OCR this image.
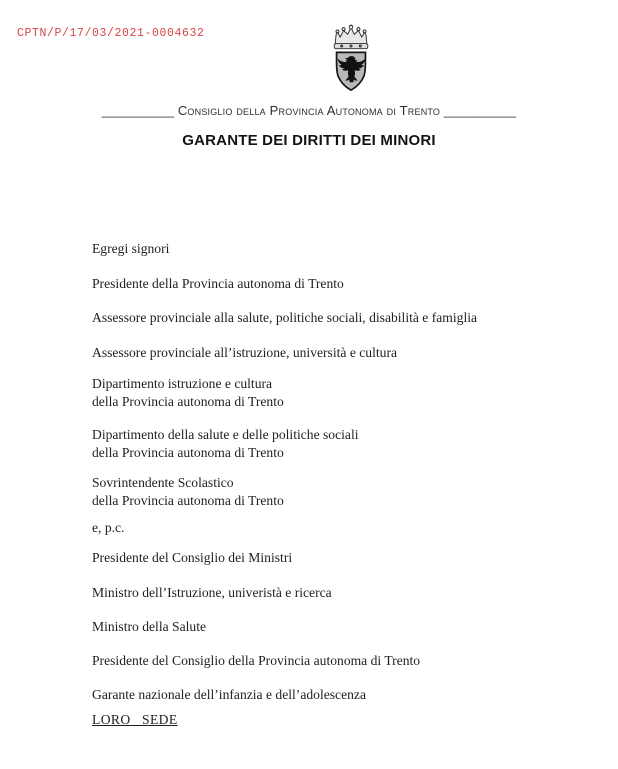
CPTN/P/17/03/2021-0004632
__________ Consiglio della Provincia Autonoma di Trento __________
GARANTE DEI DIRITTI DEI MINORI
Egregi signori
Presidente della Provincia autonoma di Trento
Assessore provinciale alla salute, politiche sociali, disabilità e famiglia
Assessore provinciale all’istruzione, università e cultura
Dipartimento istruzione e cultura
della Provincia autonoma di Trento
Dipartimento della salute e delle politiche sociali
della Provincia autonoma di Trento
Sovrintendente Scolastico
della Provincia autonoma di Trento
e, p.c.
Presidente del Consiglio dei Ministri
Ministro dell’Istruzione, univeristà e ricerca
Ministro della Salute
Presidente del Consiglio della Provincia autonoma di Trento
Garante nazionale dell’infanzia e dell’adolescenza
LORO   SEDE
